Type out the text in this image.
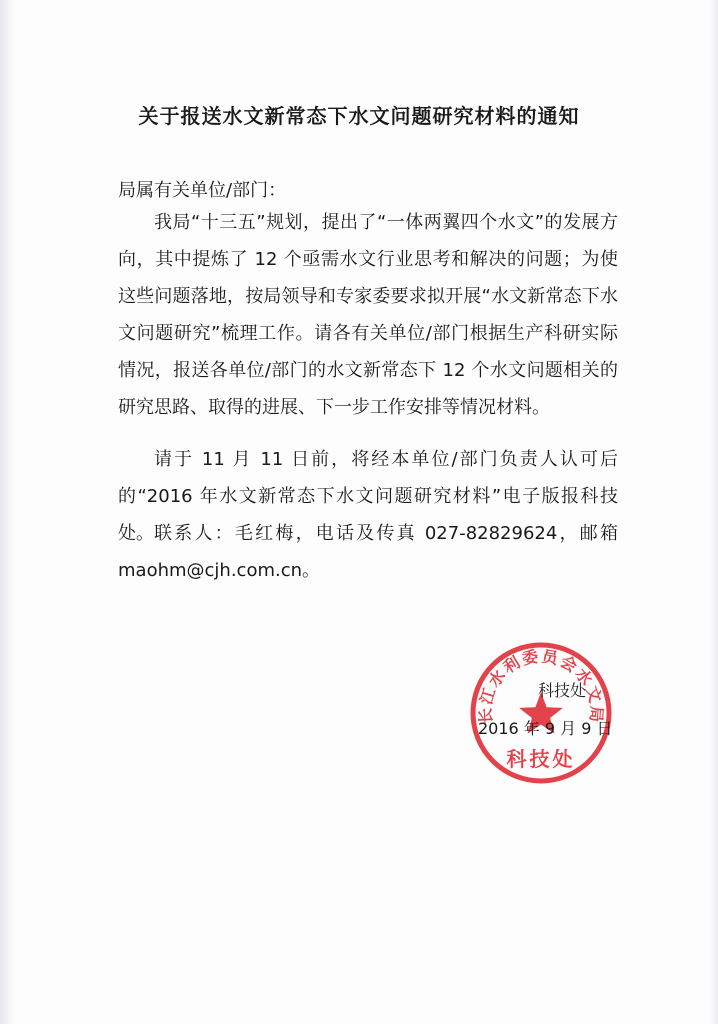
关于报送水文新常态下水文问题研究材料的通知
局属有关单位/部门：

我局“十三五”规划，提出了“一体两翼四个水文”的发展方向，其中提炼了 12 个亟需水文行业思考和解决的问题；为使这些问题落地，按局领导和专家委要求拟开展“水文新常态下水文问题研究”梳理工作。请各有关单位/部门根据生产科研实际情况，报送各单位/部门的水文新常态下 12 个水文问题相关的研究思路、取得的进展、下一步工作安排等情况材料。

请于 11 月 11 日前，将经本单位/部门负责人认可后的“2016 年水文新常态下水文问题研究材料”电子版报科技处。 联系人：毛红梅，电话及传真 027-82829624，邮箱 maohm@cjh.com.cn。

长江水利委员会水文局
科技处
科技处
2016 年 9 月 9 日
